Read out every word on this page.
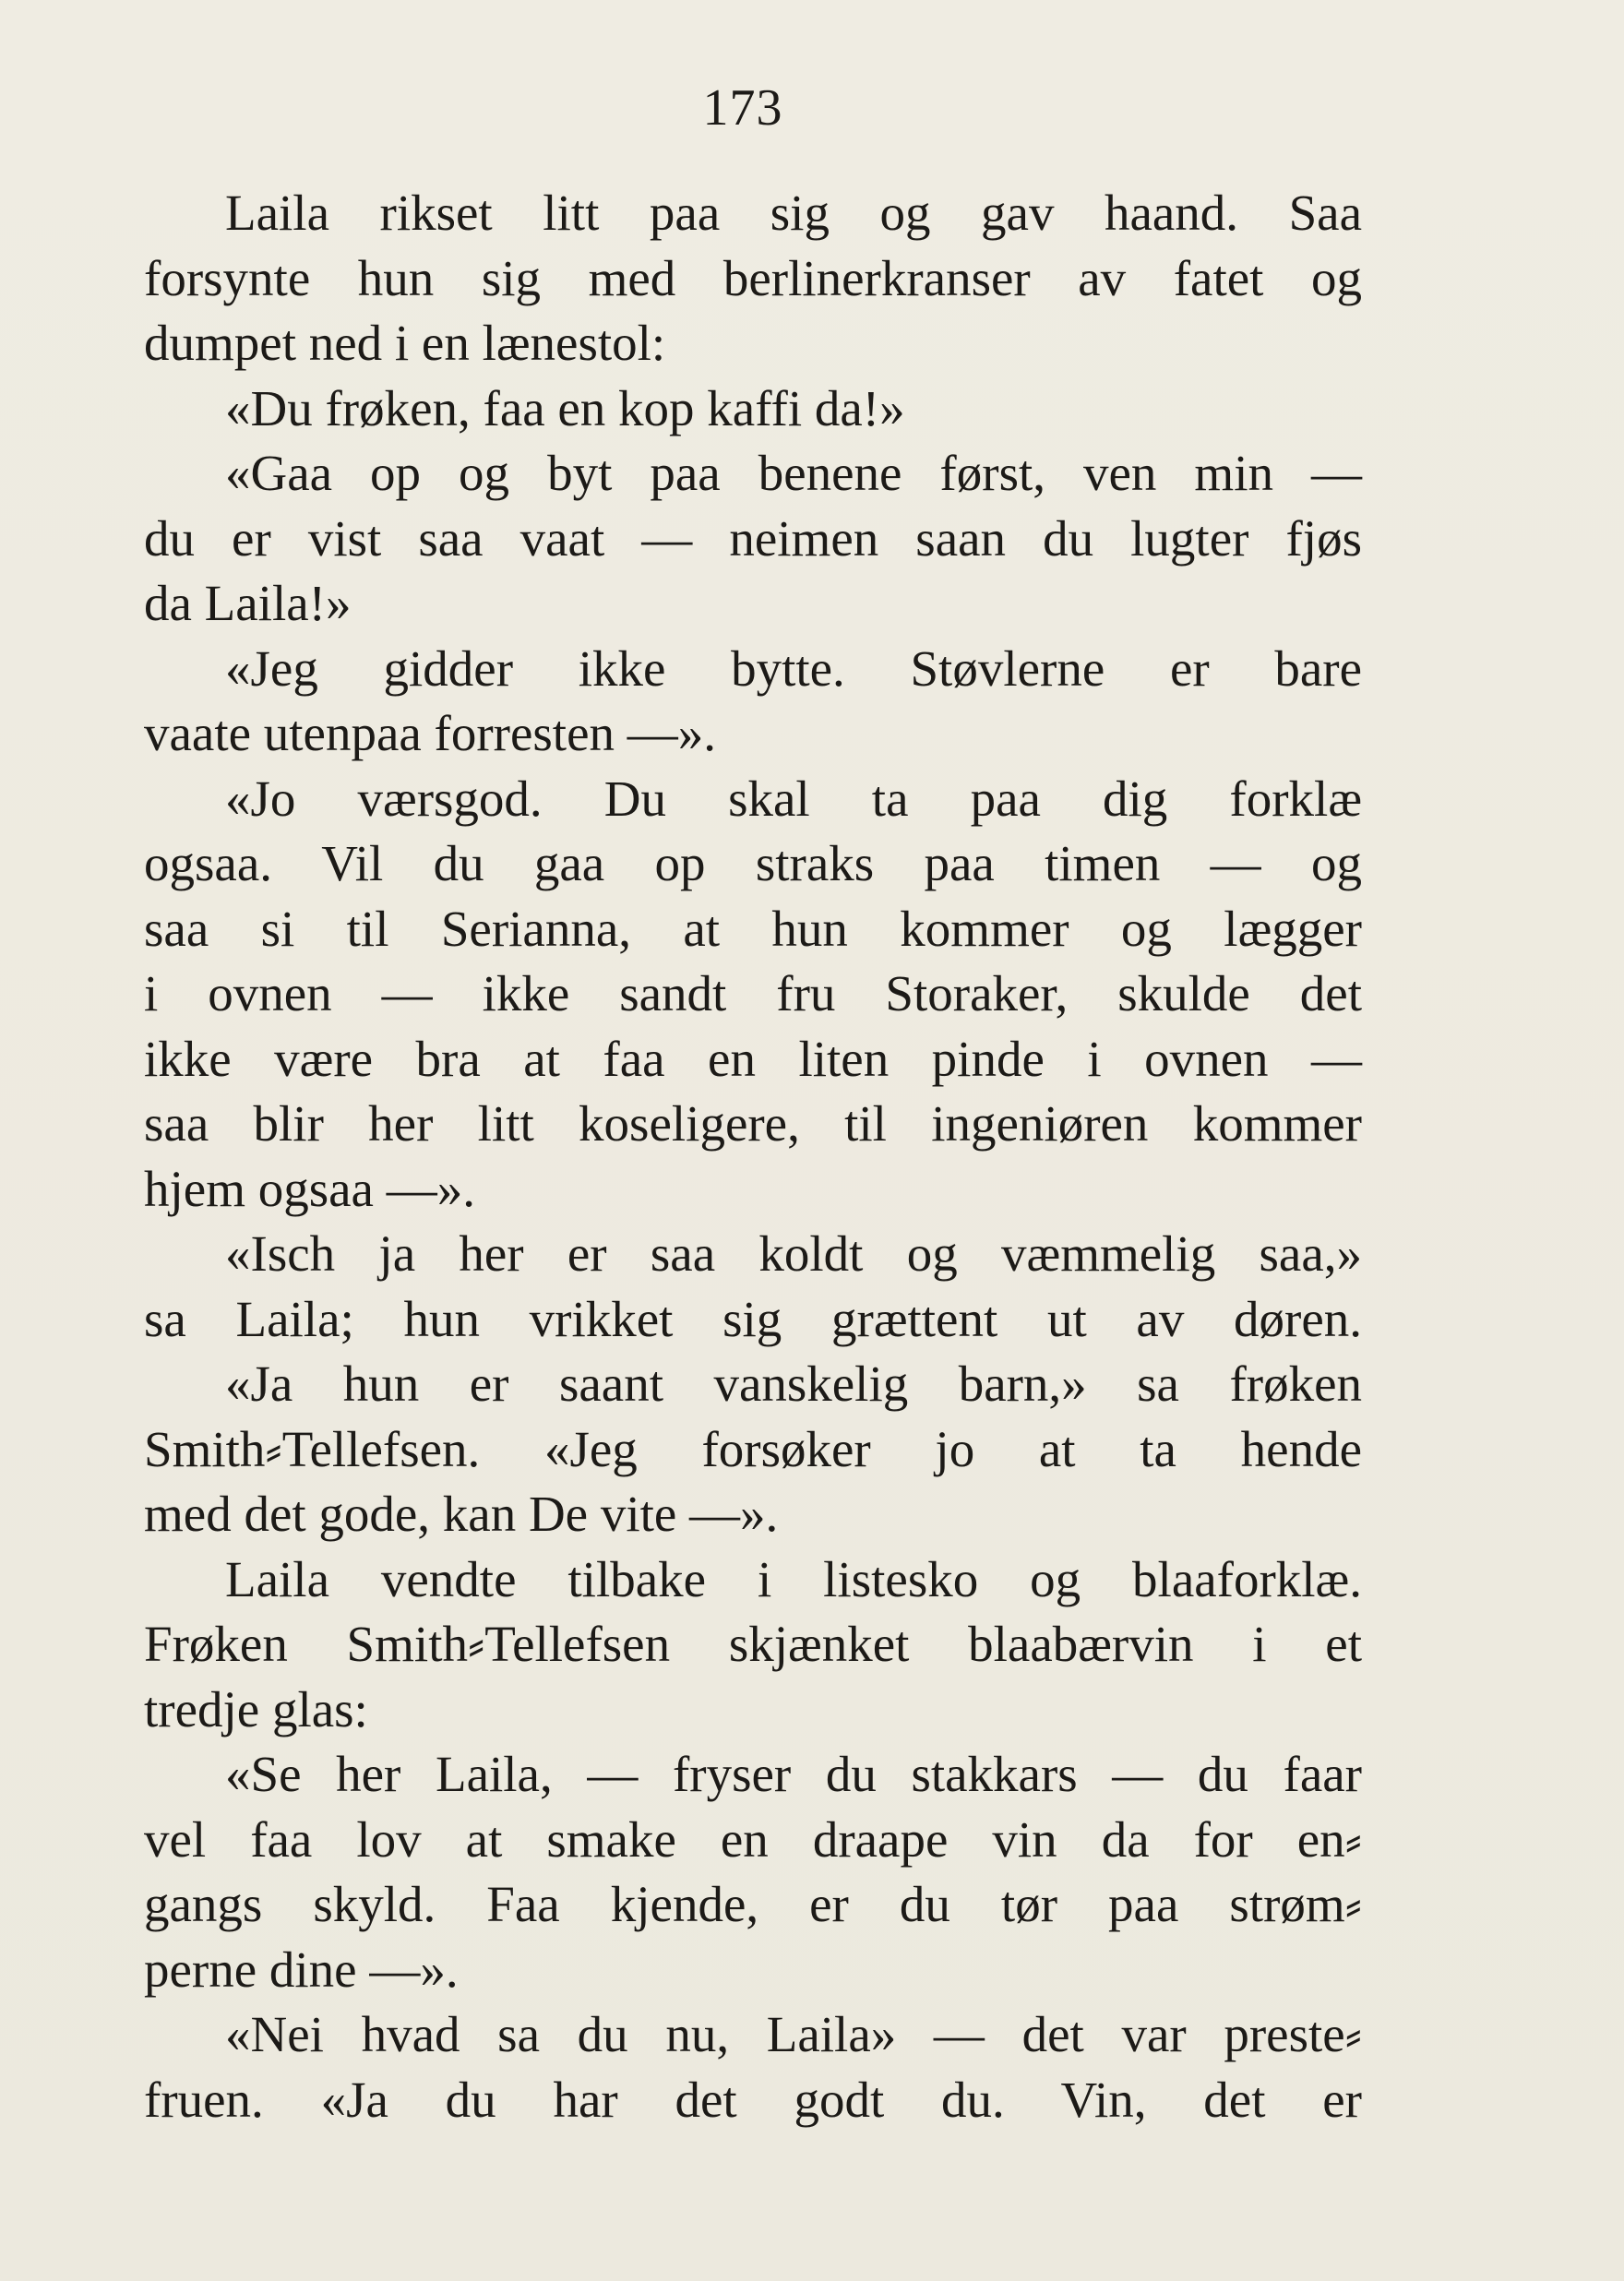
173
Laila rikset litt paa sig og gav haand. Saa
forsynte hun sig med berlinerkranser av fatet og
dumpet ned i en lænestol:
«Du frøken, faa en kop kaffi da!»
«Gaa op og byt paa benene først, ven min —
du er vist saa vaat — neimen saan du lugter fjøs
da Laila!»
«Jeg gidder ikke bytte. Støvlerne er bare
vaate utenpaa forresten —».
«Jo værsgod. Du skal ta paa dig forklæ
ogsaa. Vil du gaa op straks paa timen — og
saa si til Serianna, at hun kommer og lægger
i ovnen — ikke sandt fru Storaker, skulde det
ikke være bra at faa en liten pinde i ovnen —
saa blir her litt koseligere, til ingeniøren kommer
hjem ogsaa —».
«Isch ja her er saa koldt og væmmelig saa,»
sa Laila; hun vrikket sig grættent ut av døren.
«Ja hun er saant vanskelig barn,» sa frøken
Smith⸗Tellefsen. «Jeg forsøker jo at ta hende
med det gode, kan De vite —».
Laila vendte tilbake i listesko og blaaforklæ.
Frøken Smith⸗Tellefsen skjænket blaabærvin i et
tredje glas:
«Se her Laila, — fryser du stakkars — du faar
vel faa lov at smake en draape vin da for en⸗
gangs skyld. Faa kjende, er du tør paa strøm⸗
perne dine —».
«Nei hvad sa du nu, Laila» — det var preste⸗
fruen. «Ja du har det godt du. Vin, det er
